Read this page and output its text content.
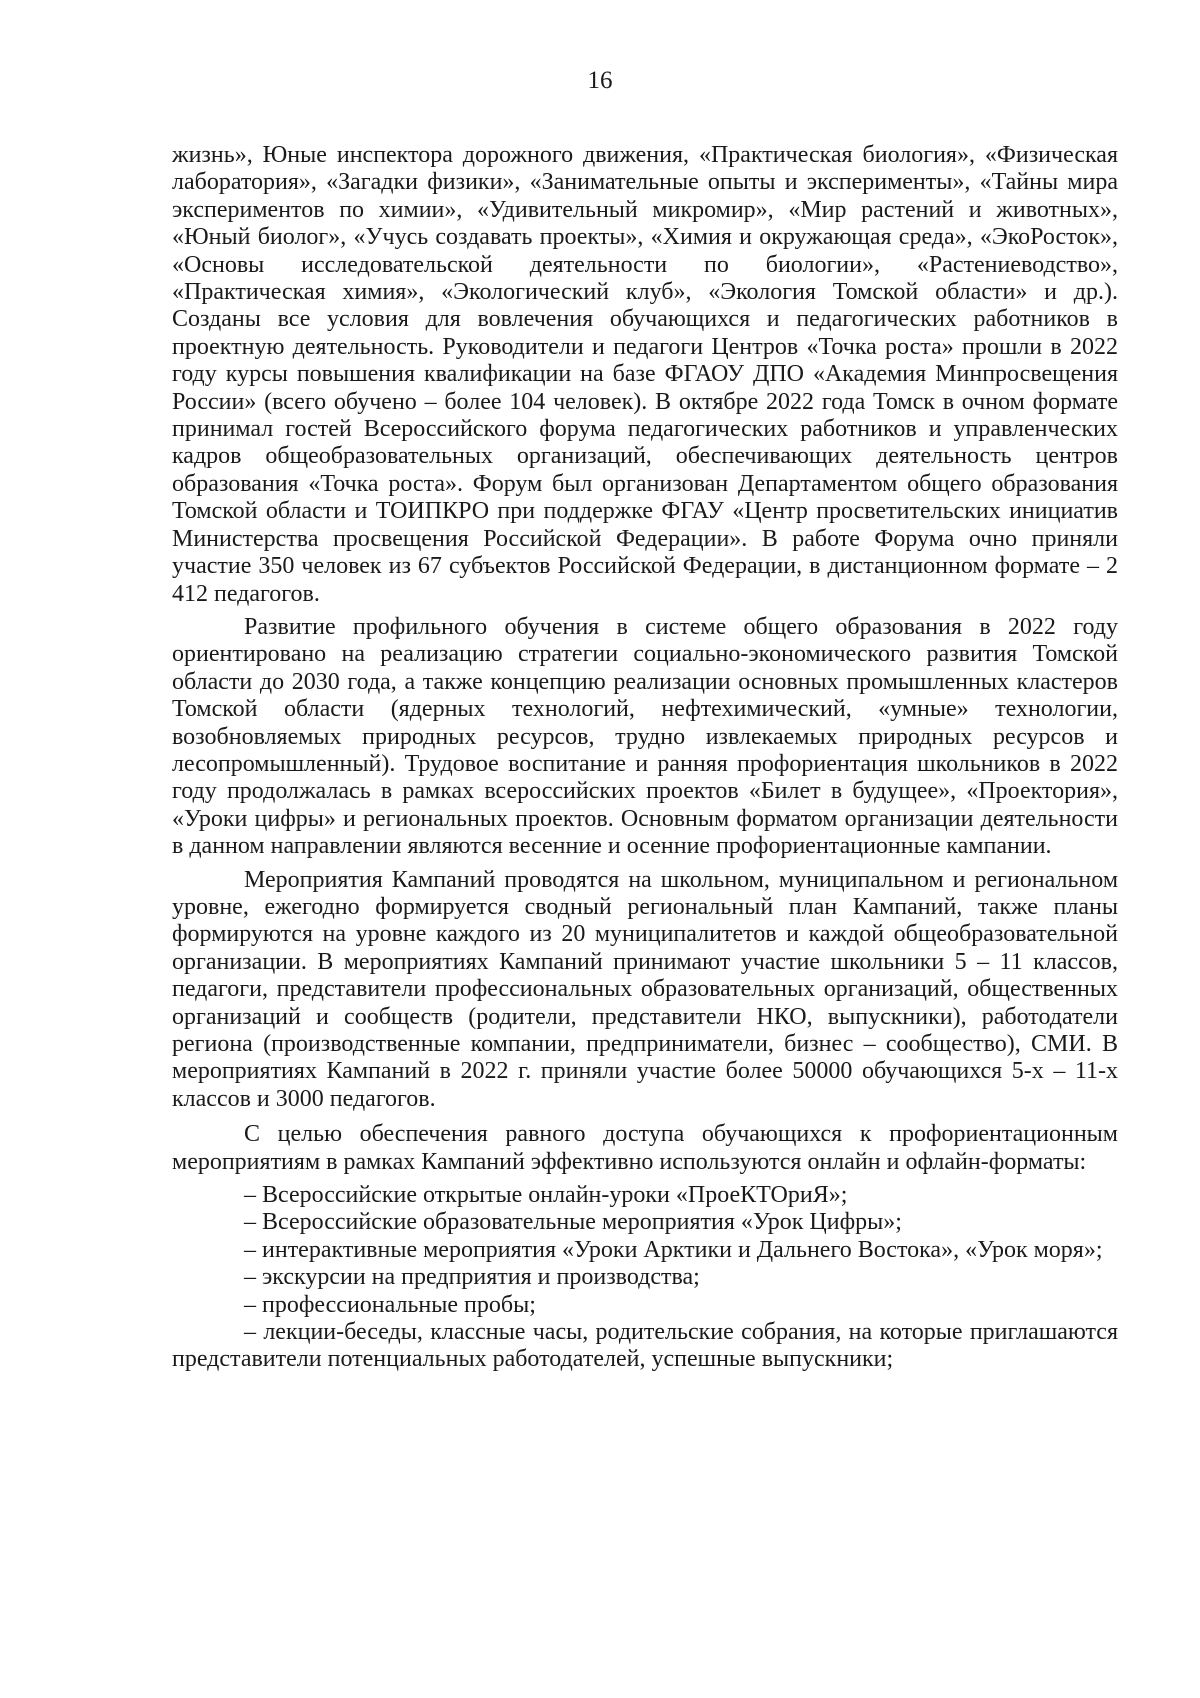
16

жизнь», Юные инспектора дорожного движения, «Практическая биология», «Физическая лаборатория», «Загадки физики», «Занимательные опыты и эксперименты», «Тайны мира экспериментов по химии», «Удивительный микромир», «Мир растений и животных», «Юный биолог», «Учусь создавать проекты», «Химия и окружающая среда», «ЭкоРосток», «Основы исследовательской деятельности по биологии», «Растениеводство», «Практическая химия», «Экологический клуб», «Экология Томской области» и др.). Созданы все условия для вовлечения обучающихся и педагогических работников в проектную деятельность. Руководители и педагоги Центров «Точка роста» прошли в 2022 году курсы повышения квалификации на базе ФГАОУ ДПО «Академия Минпросвещения России» (всего обучено – более 104 человек). В октябре 2022 года Томск в очном формате принимал гостей Всероссийского форума педагогических работников и управленческих кадров общеобразовательных организаций, обеспечивающих деятельность центров образования «Точка роста». Форум был организован Департаментом общего образования Томской области и ТОИПКРО при поддержке ФГАУ «Центр просветительских инициатив Министерства просвещения Российской Федерации». В работе Форума очно приняли участие 350 человек из 67 субъектов Российской Федерации, в дистанционном формате – 2 412 педагогов.

Развитие профильного обучения в системе общего образования в 2022 году ориентировано на реализацию стратегии социально-экономического развития Томской области до 2030 года, а также концепцию реализации основных промышленных кластеров Томской области (ядерных технологий, нефтехимический, «умные» технологии, возобновляемых природных ресурсов, трудно извлекаемых природных ресурсов и лесопромышленный). Трудовое воспитание и ранняя профориентация школьников в 2022 году продолжалась в рамках всероссийских проектов «Билет в будущее», «Проектория», «Уроки цифры» и региональных проектов. Основным форматом организации деятельности в данном направлении являются весенние и осенние профориентационные кампании.

Мероприятия Кампаний проводятся на школьном, муниципальном и региональном уровне, ежегодно формируется сводный региональный план Кампаний, также планы формируются на уровне каждого из 20 муниципалитетов и каждой общеобразовательной организации. В мероприятиях Кампаний принимают участие школьники 5 – 11 классов, педагоги, представители профессиональных образовательных организаций, общественных организаций и сообществ (родители, представители НКО, выпускники), работодатели региона (производственные компании, предприниматели, бизнес – сообщество), СМИ. В мероприятиях Кампаний в 2022 г. приняли участие более 50000 обучающихся 5-х – 11-х классов и 3000 педагогов.

С целью обеспечения равного доступа обучающихся к профориентационным мероприятиям в рамках Кампаний эффективно используются онлайн и офлайн-форматы:

– Всероссийские открытые онлайн-уроки «ПроеКТОриЯ»;

– Всероссийские образовательные мероприятия «Урок Цифры»;

– интерактивные мероприятия «Уроки Арктики и Дальнего Востока», «Урок моря»;

– экскурсии на предприятия и производства;

– профессиональные пробы;

– лекции-беседы, классные часы, родительские собрания, на которые приглашаются представители потенциальных работодателей, успешные выпускники;
